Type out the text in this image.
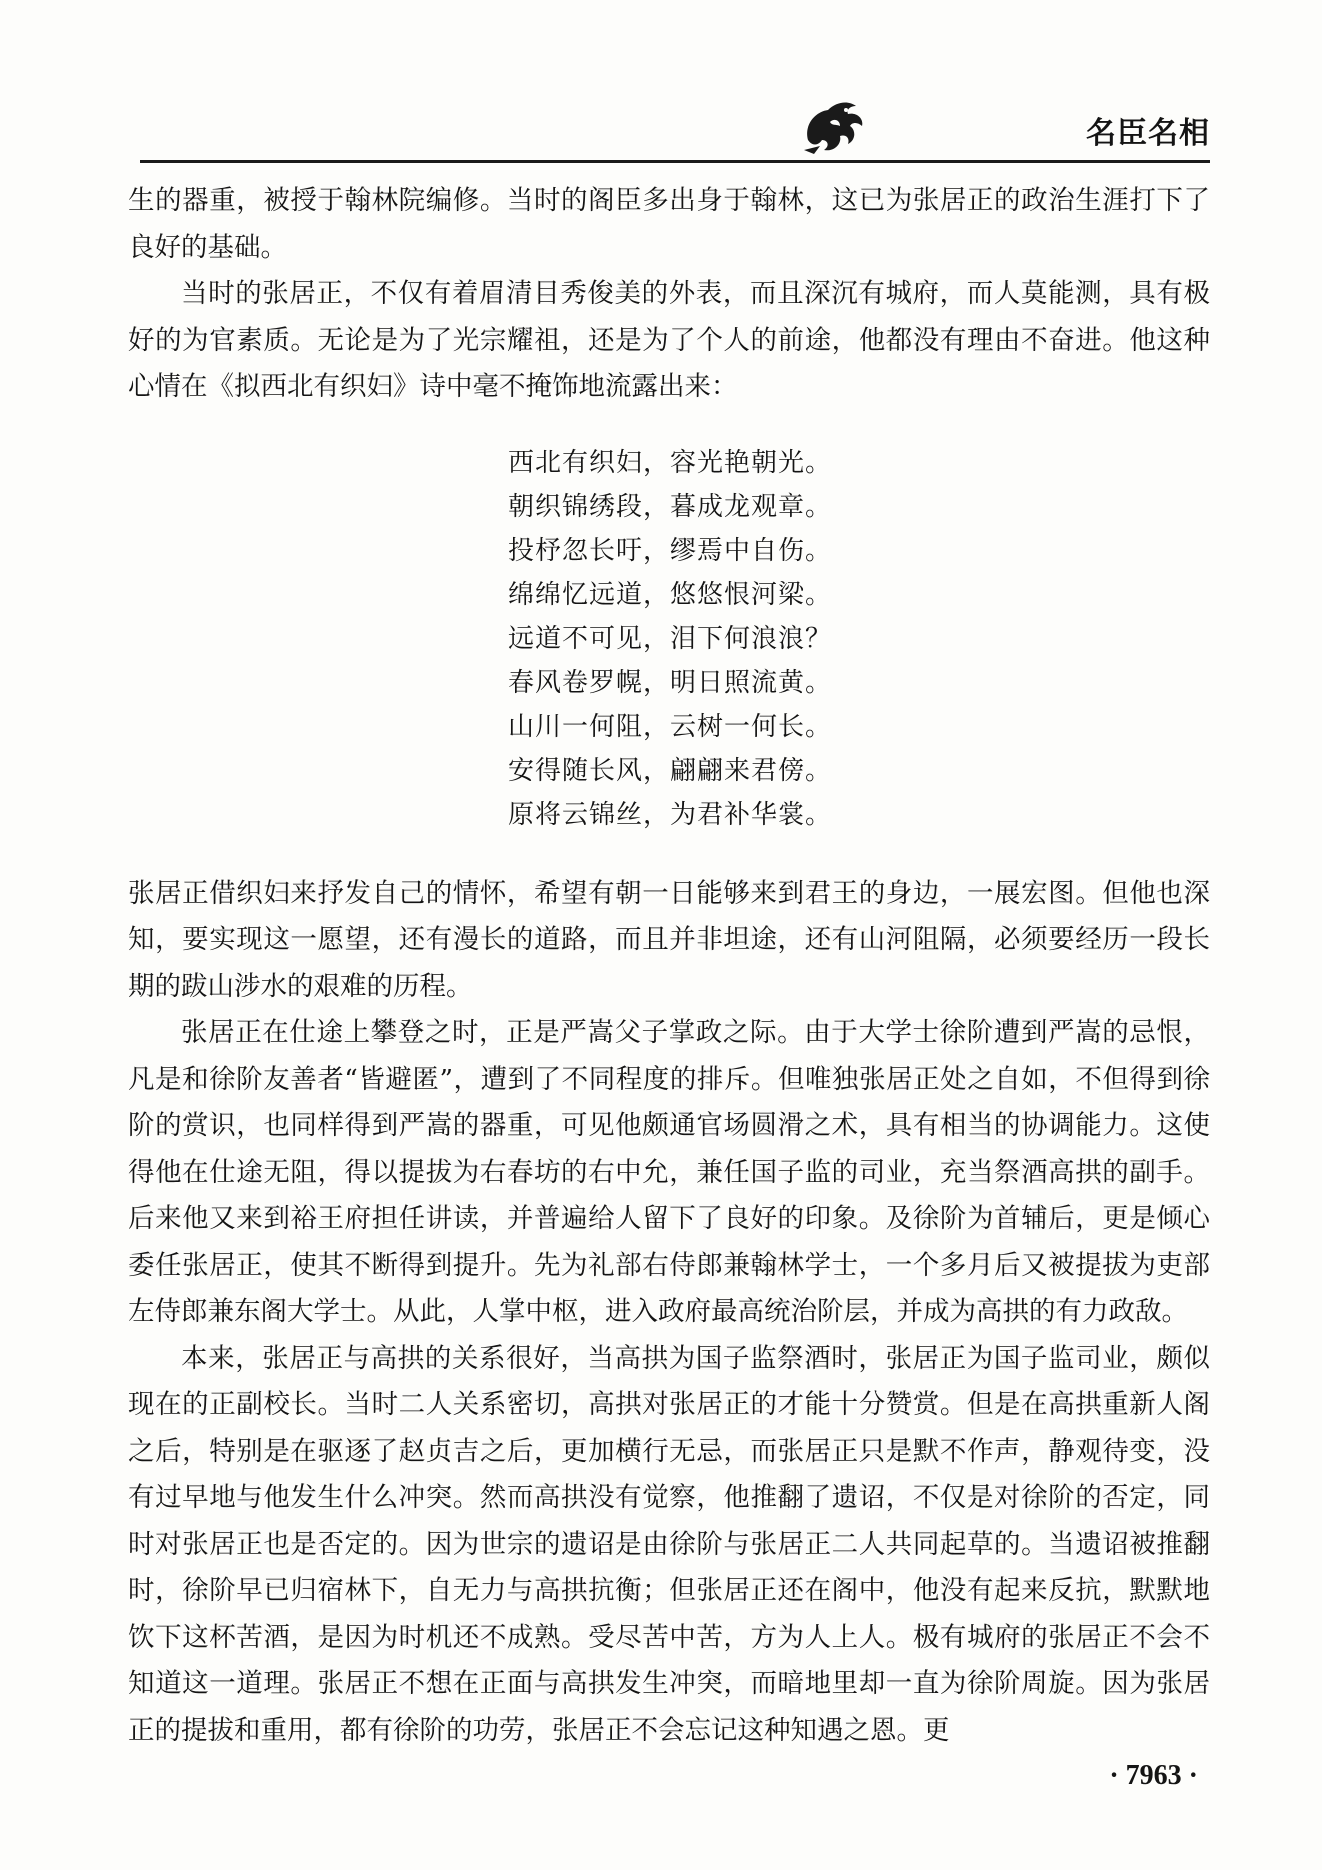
名臣名相

生的器重，被授于翰林院编修。当时的阁臣多出身于翰林，这已为张居正的政治生涯打下了良好的基础。

当时的张居正，不仅有着眉清目秀俊美的外表，而且深沉有城府，而人莫能测，具有极好的为官素质。无论是为了光宗耀祖，还是为了个人的前途，他都没有理由不奋进。他这种心情在《拟西北有织妇》诗中毫不掩饰地流露出来：

西北有织妇，容光艳朝光。
朝织锦绣段，暮成龙观章。
投杼忽长吁，缪焉中自伤。
绵绵忆远道，悠悠恨河梁。
远道不可见，泪下何浪浪？
春风卷罗幌，明日照流黄。
山川一何阻，云树一何长。
安得随长风，翩翩来君傍。
原将云锦丝，为君补华裳。

张居正借织妇来抒发自己的情怀，希望有朝一日能够来到君王的身边，一展宏图。但他也深知，要实现这一愿望，还有漫长的道路，而且并非坦途，还有山河阻隔，必须要经历一段长期的跋山涉水的艰难的历程。

张居正在仕途上攀登之时，正是严嵩父子掌政之际。由于大学士徐阶遭到严嵩的忌恨，凡是和徐阶友善者“皆避匿”，遭到了不同程度的排斥。但唯独张居正处之自如，不但得到徐阶的赏识，也同样得到严嵩的器重，可见他颇通官场圆滑之术，具有相当的协调能力。这使得他在仕途无阻，得以提拔为右春坊的右中允，兼任国子监的司业，充当祭酒高拱的副手。后来他又来到裕王府担任讲读，并普遍给人留下了良好的印象。及徐阶为首辅后，更是倾心委任张居正，使其不断得到提升。先为礼部右侍郎兼翰林学士，一个多月后又被提拔为吏部左侍郎兼东阁大学士。从此，人掌中枢，进入政府最高统治阶层，并成为高拱的有力政敌。

本来，张居正与高拱的关系很好，当高拱为国子监祭酒时，张居正为国子监司业，颇似现在的正副校长。当时二人关系密切，高拱对张居正的才能十分赞赏。但是在高拱重新人阁之后，特别是在驱逐了赵贞吉之后，更加横行无忌，而张居正只是默不作声，静观待变，没有过早地与他发生什么冲突。然而高拱没有觉察，他推翻了遗诏，不仅是对徐阶的否定，同时对张居正也是否定的。因为世宗的遗诏是由徐阶与张居正二人共同起草的。当遗诏被推翻时，徐阶早已归宿林下，自无力与高拱抗衡；但张居正还在阁中，他没有起来反抗，默默地饮下这杯苦酒，是因为时机还不成熟。受尽苦中苦，方为人上人。极有城府的张居正不会不知道这一道理。张居正不想在正面与高拱发生冲突，而暗地里却一直为徐阶周旋。因为张居正的提拔和重用，都有徐阶的功劳，张居正不会忘记这种知遇之恩。更

· 7963 ·
